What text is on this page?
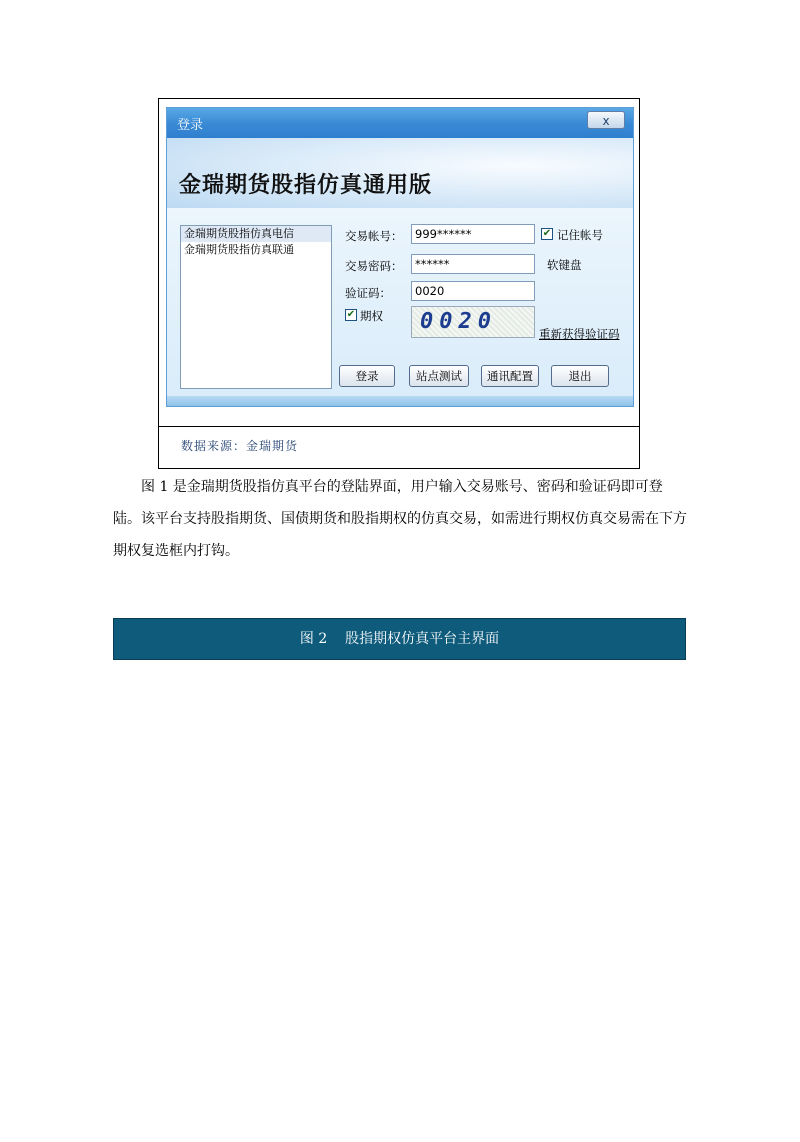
登录	x
金瑞期货股指仿真通用版
金瑞期货股指仿真电信
金瑞期货股指仿真联通
交易帐号：	999******	✔ 记住帐号
交易密码：	******	软键盘
验证码：	0020
✔ 期权	0020	重新获得验证码
登录	站点测试	通讯配置	退出
数据来源：金瑞期货

图 1 是金瑞期货股指仿真平台的登陆界面，用户输入交易账号、密码和验证码即可登陆。该平台支持股指期货、国债期货和股指期权的仿真交易，如需进行期权仿真交易需在下方期权复选框内打钩。

图 2    股指期权仿真平台主界面
